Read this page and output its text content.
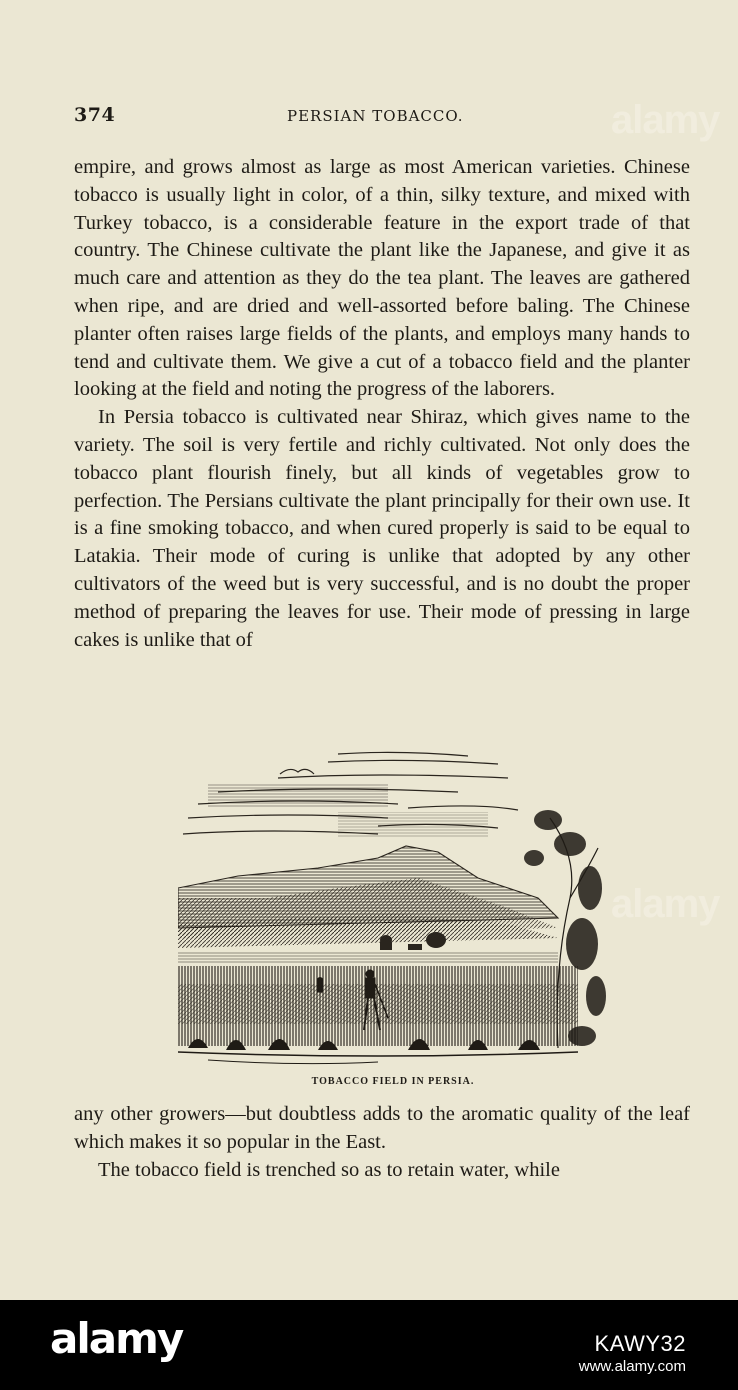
374	PERSIAN TOBACCO.	alamy
alamy

empire, and grows almost as large as most American varieties. Chinese tobacco is usually light in color, of a thin, silky texture, and mixed with Turkey tobacco, is a considerable feature in the export trade of that country. The Chinese cultivate the plant like the Japanese, and give it as much care and attention as they do the tea plant. The leaves are gathered when ripe, and are dried and well-assorted before baling. The Chinese planter often raises large fields of the plants, and employs many hands to tend and cultivate them. We give a cut of a tobacco field and the planter looking at the field and noting the progress of the laborers.

In Persia tobacco is cultivated near Shiraz, which gives name to the variety. The soil is very fertile and richly cultivated. Not only does the tobacco plant flourish finely, but all kinds of vegetables grow to perfection. The Persians cultivate the plant principally for their own use. It is a fine smoking tobacco, and when cured properly is said to be equal to Latakia. Their mode of curing is unlike that adopted by any other cultivators of the weed but is very successful, and is no doubt the proper method of preparing the leaves for use. Their mode of pressing in large cakes is unlike that of

TOBACCO FIELD IN PERSIA.

any other growers—but doubtless adds to the aromatic quality of the leaf which makes it so popular in the East.

The tobacco field is trenched so as to retain water, while

alamy	KAWY32
www.alamy.com
